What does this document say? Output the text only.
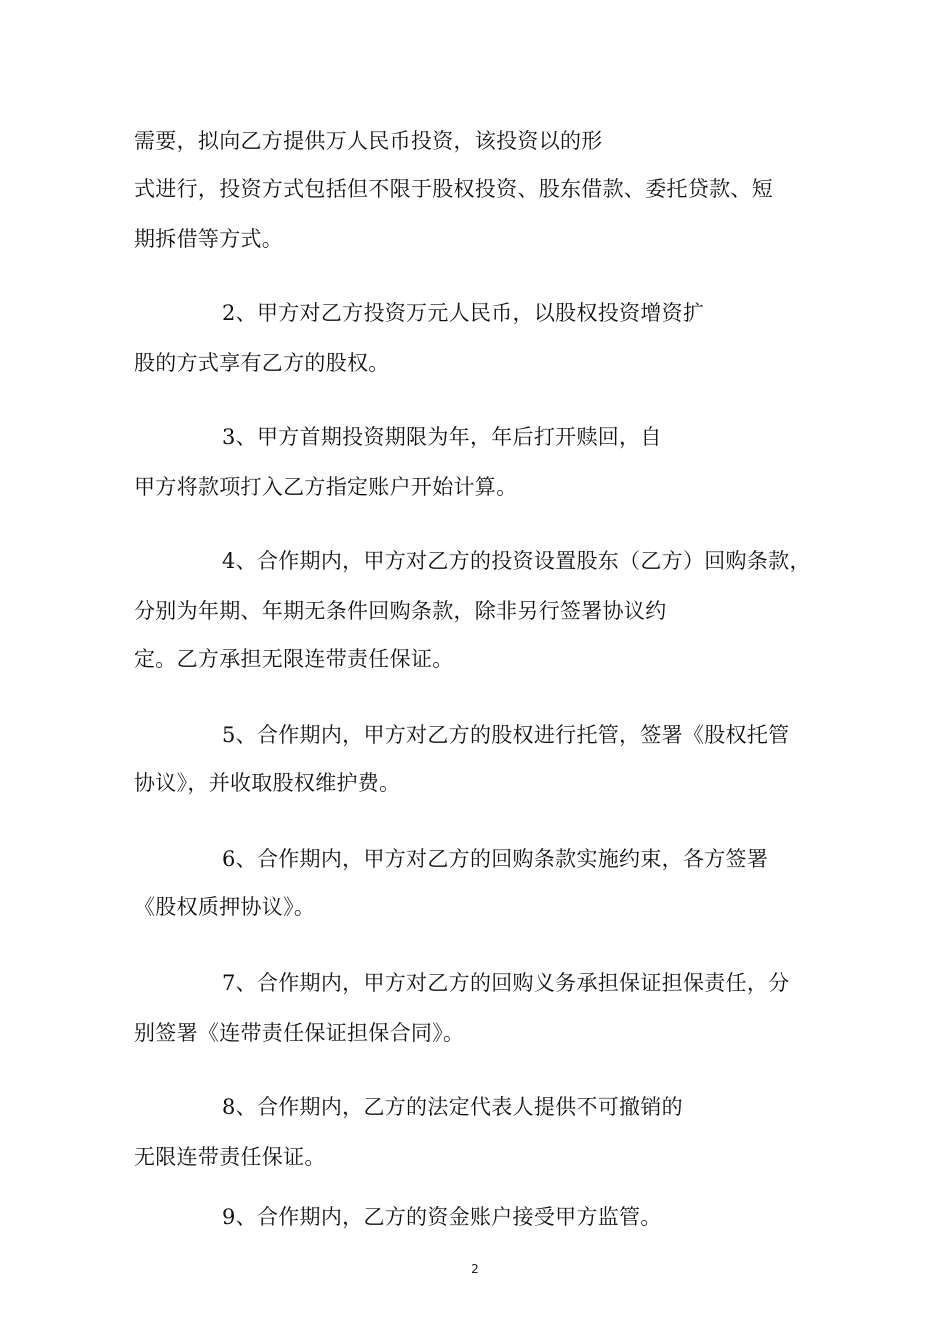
需要，拟向乙方提供万人民币投资，该投资以的形
式进行，投资方式包括但不限于股权投资、股东借款、委托贷款、短
期拆借等方式。
2、甲方对乙方投资万元人民币，以股权投资增资扩
股的方式享有乙方的股权。
3、甲方首期投资期限为年，年后打开赎回，自
甲方将款项打入乙方指定账户开始计算。
4、合作期内，甲方对乙方的投资设置股东（乙方）回购条款，
分别为年期、年期无条件回购条款，除非另行签署协议约
定。乙方承担无限连带责任保证。
5、合作期内，甲方对乙方的股权进行托管，签署《股权托管
协议》，并收取股权维护费。
6、合作期内，甲方对乙方的回购条款实施约束，各方签署
《股权质押协议》。
7、合作期内，甲方对乙方的回购义务承担保证担保责任，分
别签署《连带责任保证担保合同》。
8、合作期内，乙方的法定代表人提供不可撤销的
无限连带责任保证。
9、合作期内，乙方的资金账户接受甲方监管。
2
